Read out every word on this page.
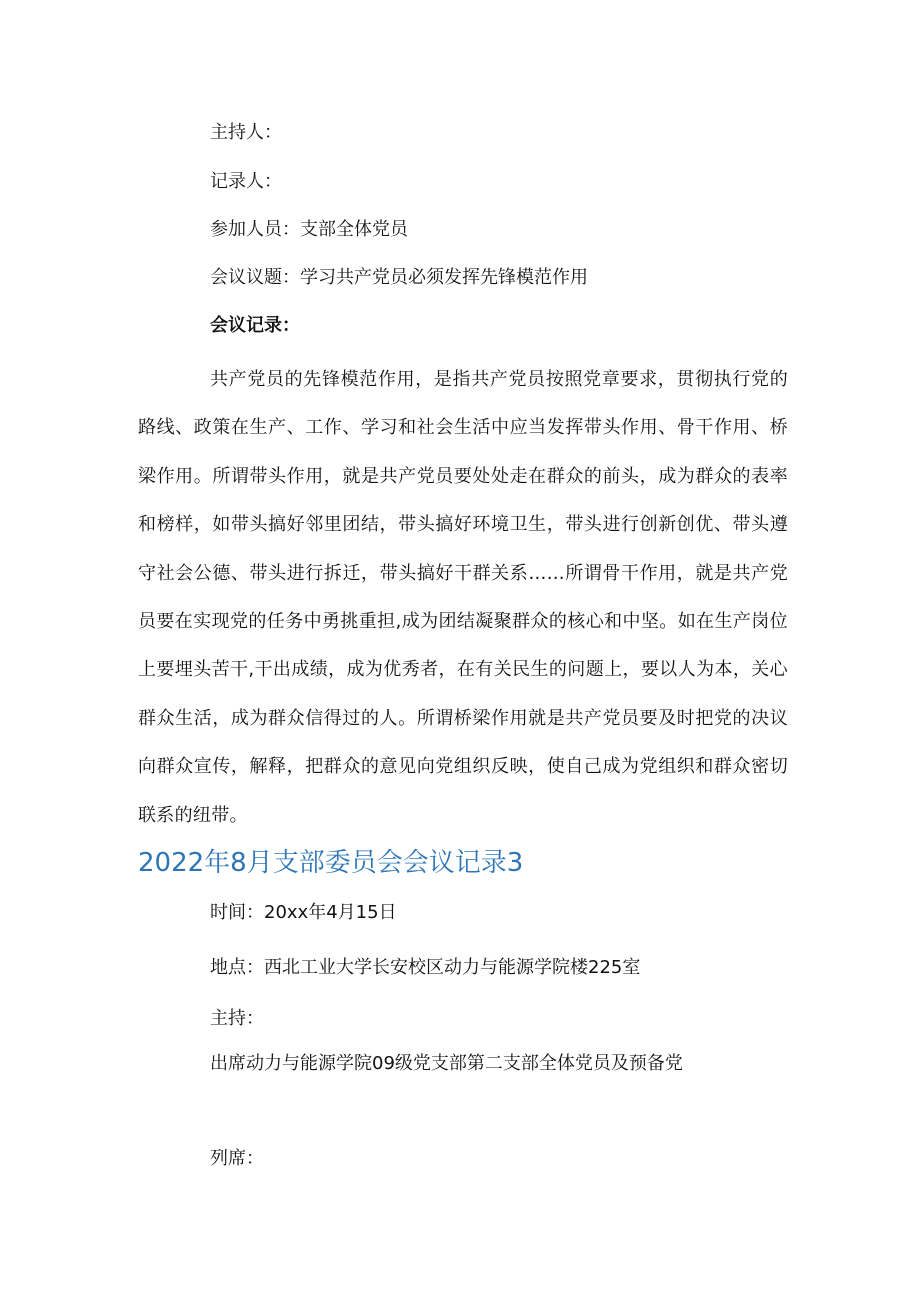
主持人：
记录人：
参加人员：支部全体党员
会议议题：学习共产党员必须发挥先锋模范作用
会议记录：
共产党员的先锋模范作用，是指共产党员按照党章要求，贯彻执行党的路线、政策在生产、工作、学习和社会生活中应当发挥带头作用、骨干作用、桥梁作用。所谓带头作用，就是共产党员要处处走在群众的前头，成为群众的表率和榜样，如带头搞好邻里团结，带头搞好环境卫生，带头进行创新创优、带头遵守社会公德、带头进行拆迁，带头搞好干群关系……所谓骨干作用，就是共产党员要在实现党的任务中勇挑重担,成为团结凝聚群众的核心和中坚。如在生产岗位上要埋头苦干,干出成绩，成为优秀者，在有关民生的问题上，要以人为本，关心群众生活，成为群众信得过的人。所谓桥梁作用就是共产党员要及时把党的决议向群众宣传，解释，把群众的意见向党组织反映，使自己成为党组织和群众密切联系的纽带。
2022年8月支部委员会会议记录3
时间：20xx年4月15日
地点：西北工业大学长安校区动力与能源学院楼225室
主持：
出席动力与能源学院09级党支部第二支部全体党员及预备党
列席：
